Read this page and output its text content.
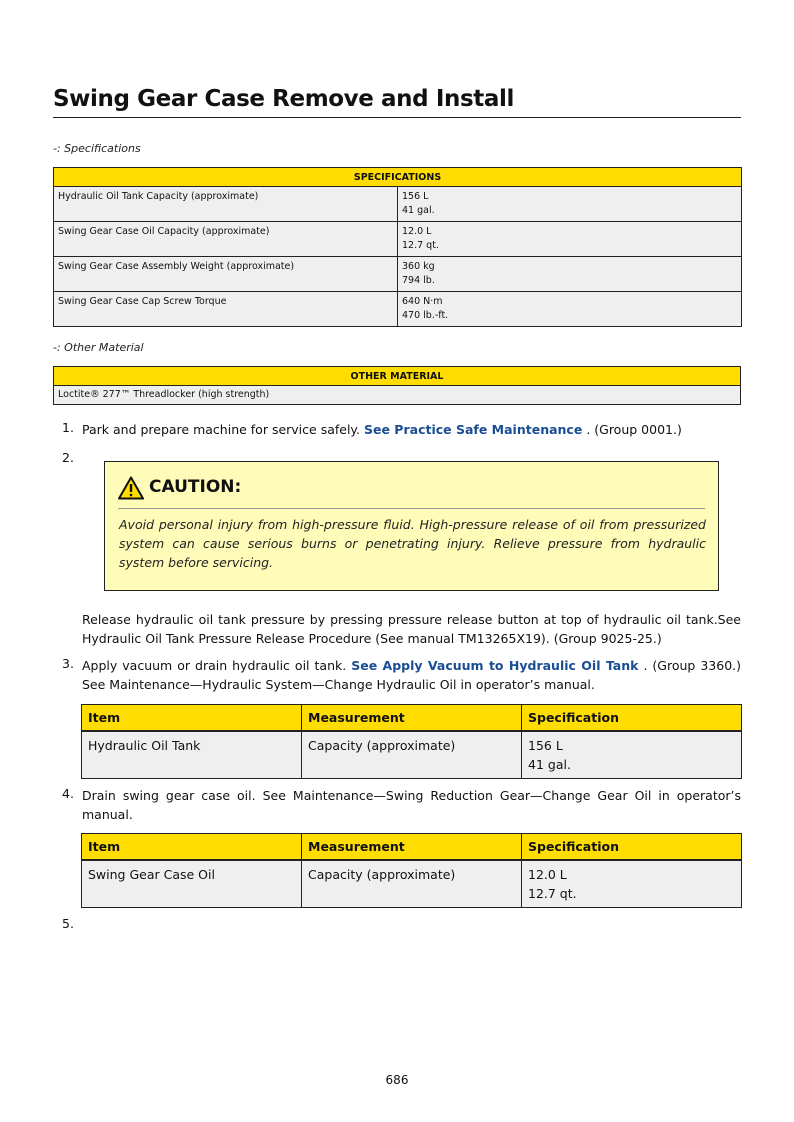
Swing Gear Case Remove and Install
-: Specifications
SPECIFICATIONS	
Hydraulic Oil Tank Capacity (approximate)	156 L
41 gal.
Swing Gear Case Oil Capacity (approximate)	12.0 L
12.7 qt.
Swing Gear Case Assembly Weight (approximate)	360 kg
794 lb.
Swing Gear Case Cap Screw Torque	640 N·m
470 lb.-ft.
-: Other Material
OTHER MATERIAL
Loctite® 277™ Threadlocker (high strength)
1. Park and prepare machine for service safely. See Practice Safe Maintenance . (Group 0001.)
2.
CAUTION:
Avoid personal injury from high-pressure fluid. High-pressure release of oil from pressurized system can cause serious burns or penetrating injury. Relieve pressure from hydraulic system before servicing.
Release hydraulic oil tank pressure by pressing pressure release button at top of hydraulic oil tank.See Hydraulic Oil Tank Pressure Release Procedure (See manual TM13265X19). (Group 9025-25.)
3. Apply vacuum or drain hydraulic oil tank. See Apply Vacuum to Hydraulic Oil Tank . (Group 3360.) See Maintenance—Hydraulic System—Change Hydraulic Oil in operator’s manual.
Item	Measurement	Specification
Hydraulic Oil Tank	Capacity (approximate)	156 L
41 gal.
4. Drain swing gear case oil. See Maintenance—Swing Reduction Gear—Change Gear Oil in operator’s manual.
Item	Measurement	Specification
Swing Gear Case Oil	Capacity (approximate)	12.0 L
12.7 qt.
5.
686
